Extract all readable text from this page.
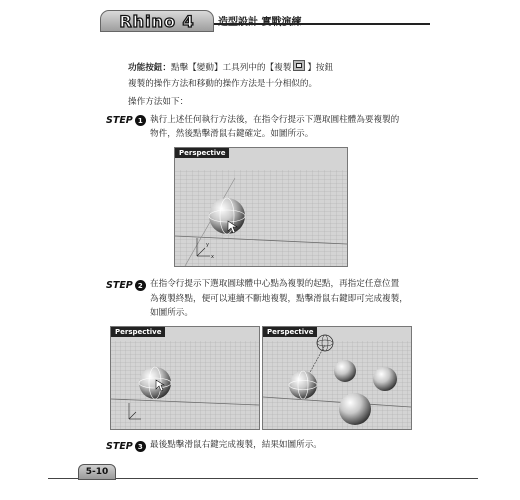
Rhino 4 造型設計 實戰演練
功能按鈕：點擊【變動】工具列中的【複製 】按鈕
複製的操作方法和移動的操作方法是十分相似的。
操作方法如下：
STEP 1 執行上述任何執行方法後，在指令行提示下選取圓柱體為要複製的
物件，然後點擊滑鼠右鍵確定。如圖所示。
Perspective
y
x
STEP 2 在指令行提示下選取圓球體中心點為複製的起點，再指定任意位置
為複製終點，便可以連續不斷地複製，點擊滑鼠右鍵即可完成複製，
如圖所示。
Perspective	Perspective
STEP 3 最後點擊滑鼠右鍵完成複製，結果如圖所示。
5-10
